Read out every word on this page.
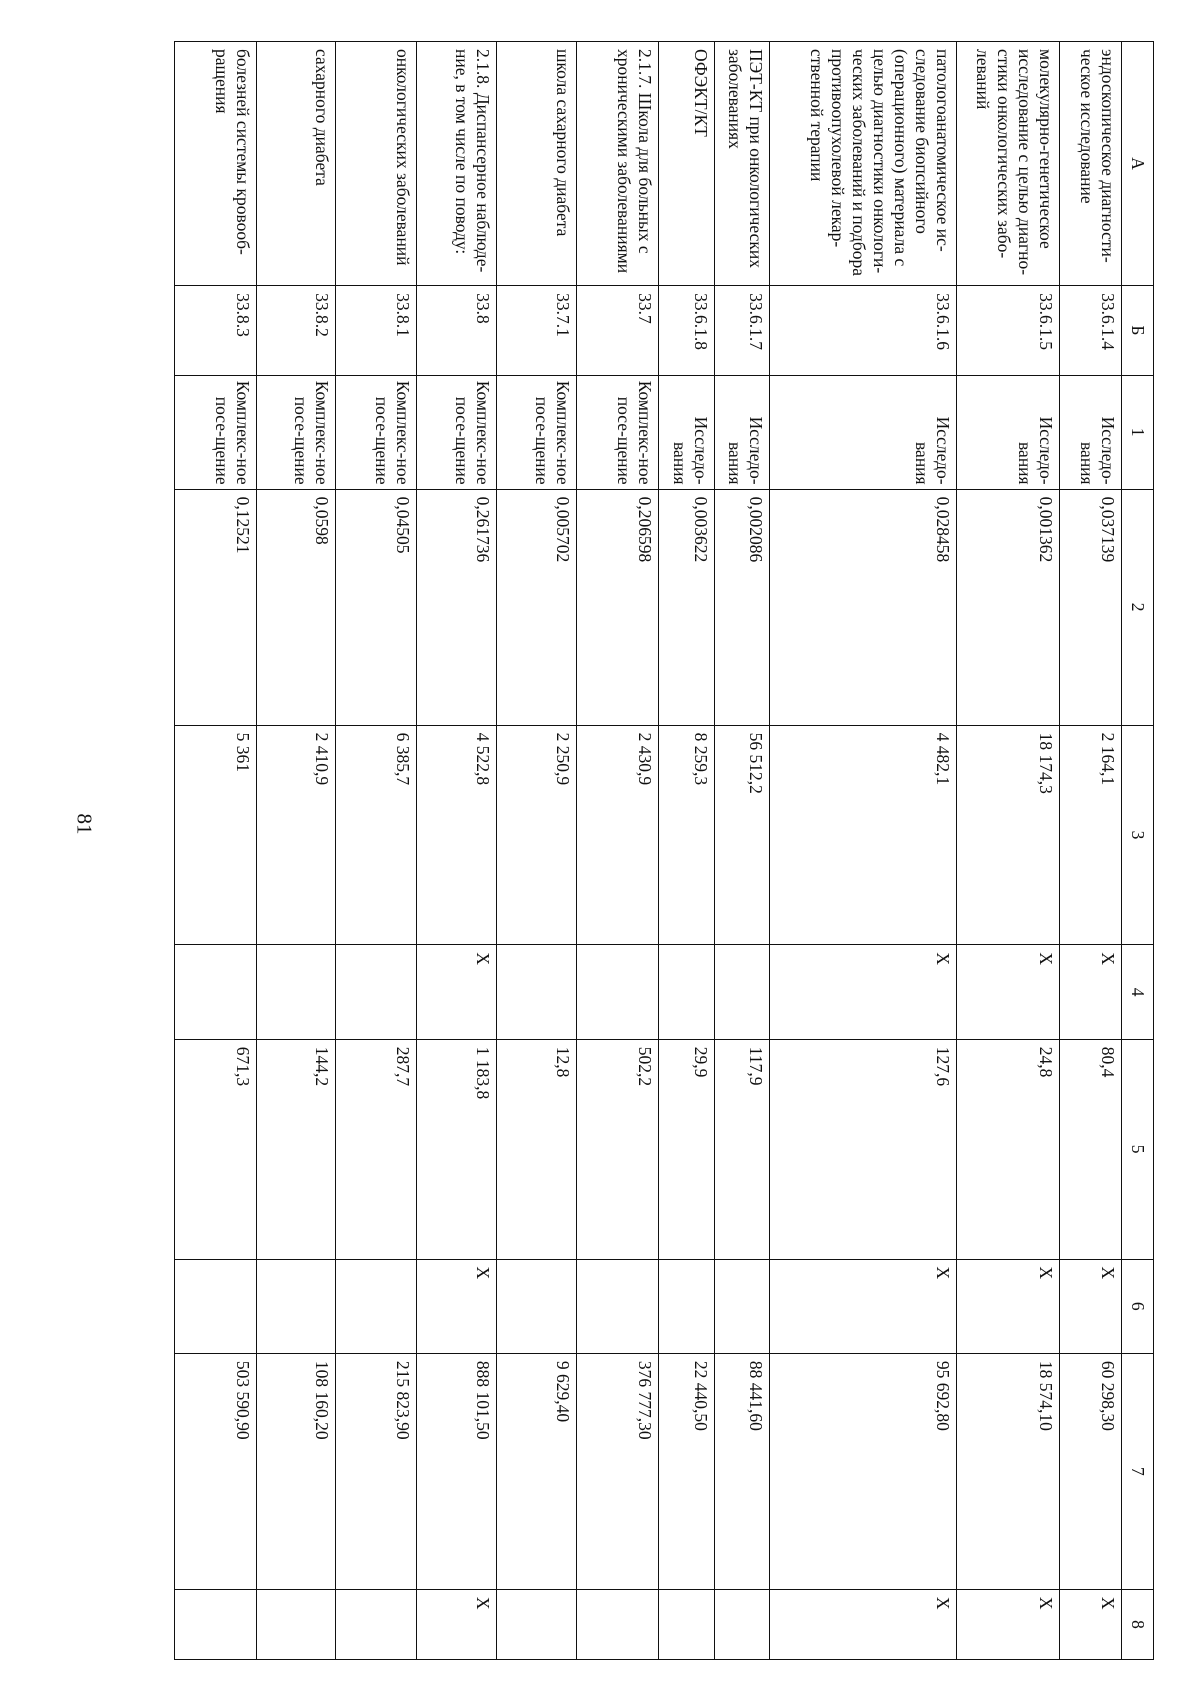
81
А	Б	1	2	3	4	5	6	7	8
эндоскопическое диагности-ческое исследование	33.6.1.4	Исследо-вания	0,037139	2 164,1	X	80,4	X	60 298,30	X
молекулярно-генетическое исследование с целью диагно-стики онкологических забо-леваний	33.6.1.5	Исследо-вания	0,001362	18 174,3	X	24,8	X	18 574,10	X
патологоанатомическое ис-следование биопсийного (операционного) материала с целью диагностики онкологи-ческих заболеваний и подбора противоопухолевой лекар-ственной терапии	33.6.1.6	Исследо-вания	0,028458	4 482,1	X	127,6	X	95 692,80	X
ПЭТ-КТ при онкологических заболеваниях	33.6.1.7	Исследо-вания	0,002086	56 512,2		117,9		88 441,60	
ОФЭКТ/КТ	33.6.1.8	Исследо-вания	0,003622	8 259,3		29,9		22 440,50	
2.1.7. Школа для больных с хроническими заболеваниями	33.7	Комплекс-ное посе-щение	0,206598	2 430,9		502,2		376 777,30	
школа сахарного диабета	33.7.1	Комплекс-ное посе-щение	0,005702	2 250,9		12,8		9 629,40	
2.1.8. Диспансерное наблюде-ние, в том числе по поводу:	33.8	Комплекс-ное посе-щение	0,261736	4 522,8	X	1 183,8	X	888 101,50	X
онкологических заболеваний	33.8.1	Комплекс-ное посе-щение	0,04505	6 385,7		287,7		215 823,90	
сахарного диабета	33.8.2	Комплекс-ное посе-щение	0,0598	2 410,9		144,2		108 160,20	
болезней системы кровооб-ращения	33.8.3	Комплекс-ное посе-щение	0,12521	5 361		671,3		503 590,90	
